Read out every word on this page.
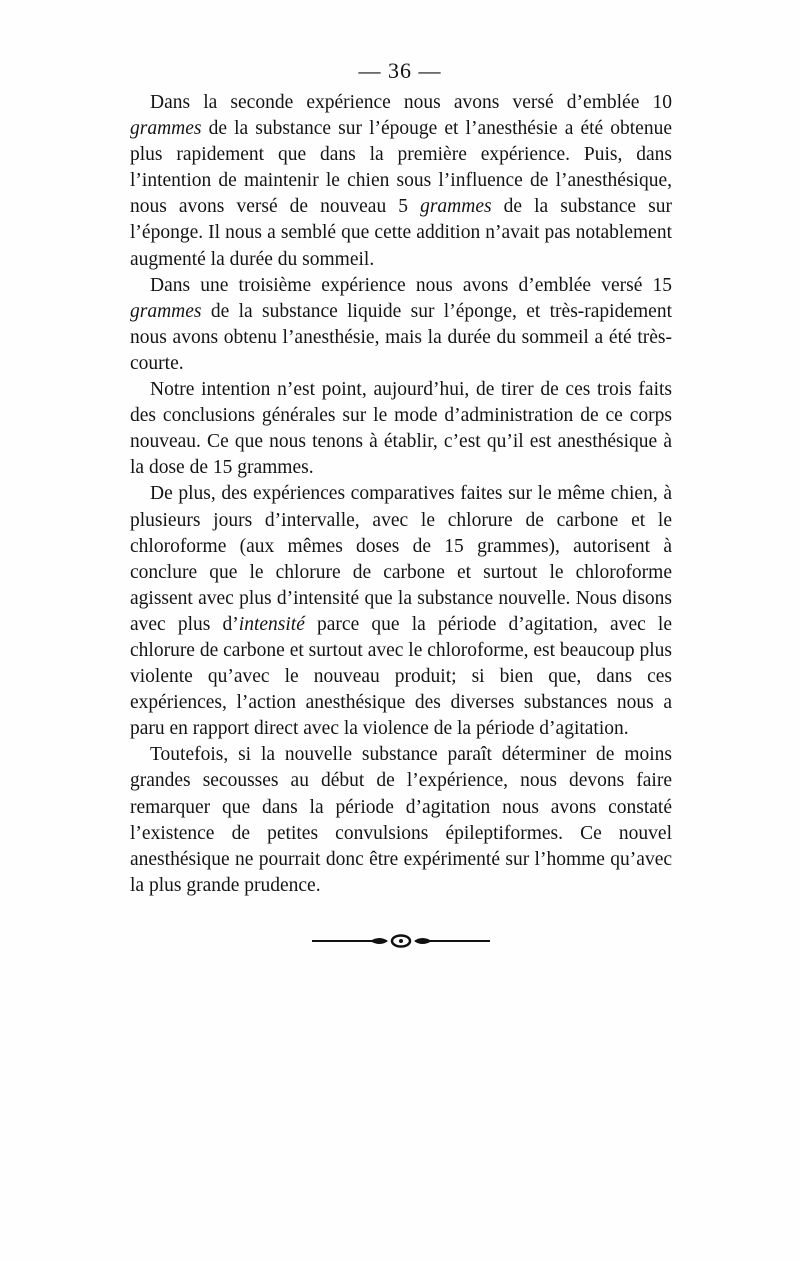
— 36 —

Dans la seconde expérience nous avons versé d’emblée 10 grammes de la substance sur l’épouge et l’anesthésie a été obtenue plus rapidement que dans la première expérience. Puis, dans l’intention de maintenir le chien sous l’influence de l’anesthésique, nous avons versé de nouveau 5 grammes de la substance sur l’éponge. Il nous a semblé que cette addition n’avait pas notablement augmenté la durée du sommeil.

Dans une troisième expérience nous avons d’emblée versé 15 grammes de la substance liquide sur l’éponge, et très-rapidement nous avons obtenu l’anesthésie, mais la durée du sommeil a été très-courte.

Notre intention n’est point, aujourd’hui, de tirer de ces trois faits des conclusions générales sur le mode d’administration de ce corps nouveau. Ce que nous tenons à établir, c’est qu’il est anesthésique à la dose de 15 grammes.

De plus, des expériences comparatives faites sur le même chien, à plusieurs jours d’intervalle, avec le chlorure de carbone et le chloroforme (aux mêmes doses de 15 grammes), autorisent à conclure que le chlorure de carbone et surtout le chloroforme agissent avec plus d’intensité que la substance nouvelle. Nous disons avec plus d’intensité parce que la période d’agitation, avec le chlorure de carbone et surtout avec le chloroforme, est beaucoup plus violente qu’avec le nouveau produit; si bien que, dans ces expériences, l’action anesthésique des diverses substances nous a paru en rapport direct avec la violence de la période d’agitation.

Toutefois, si la nouvelle substance paraît déterminer de moins grandes secousses au début de l’expérience, nous devons faire remarquer que dans la période d’agitation nous avons constaté l’existence de petites convulsions épileptiformes. Ce nouvel anesthésique ne pourrait donc être expérimenté sur l’homme qu’avec la plus grande prudence.
